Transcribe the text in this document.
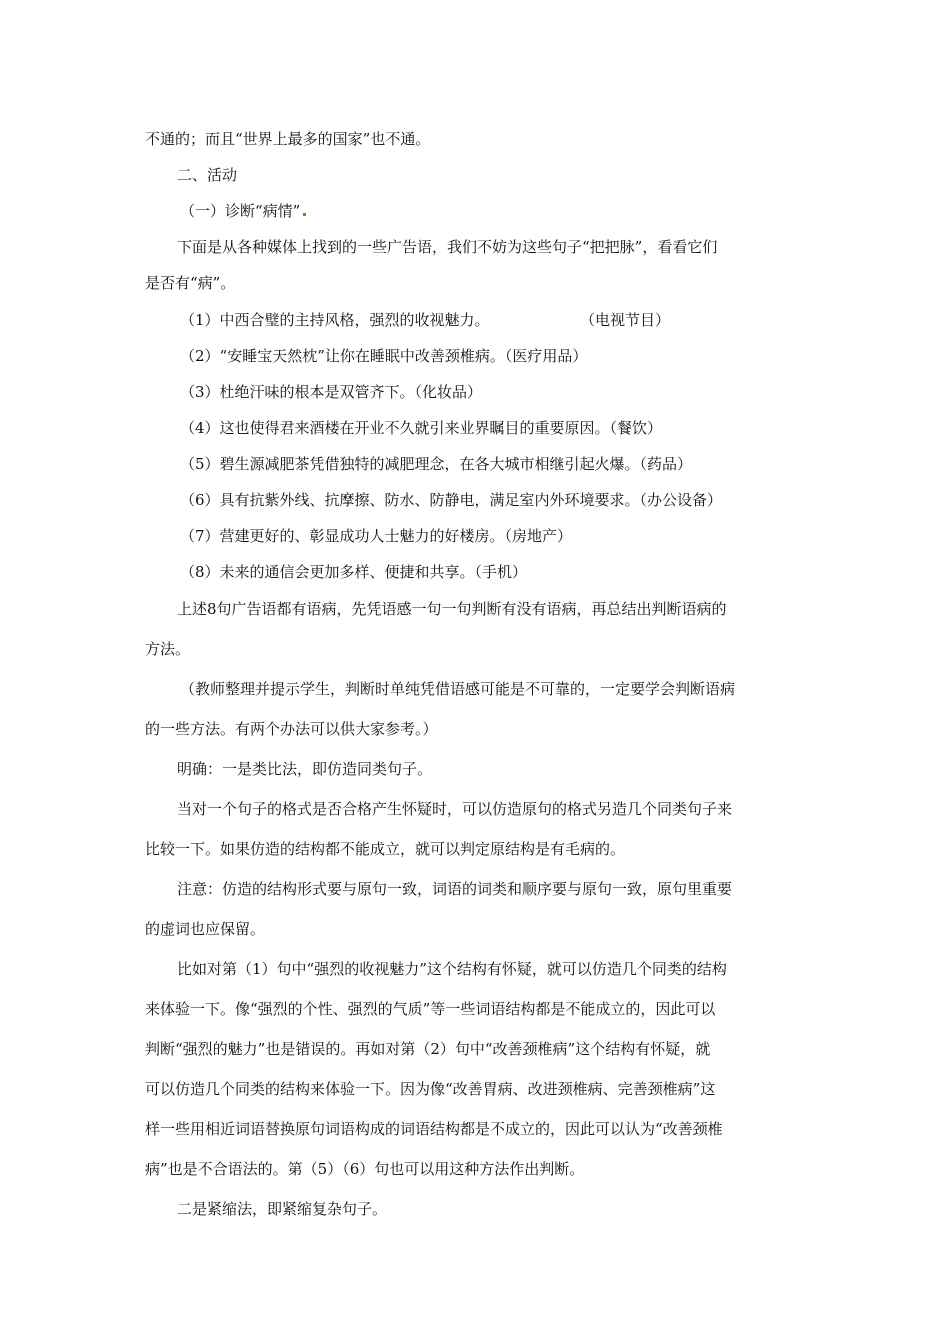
不通的；而且“世界上最多的国家”也不通。
二、活动
（一）诊断“病情”
下面是从各种媒体上找到的一些广告语，我们不妨为这些句子“把把脉”，看看它们
是否有“病”。
（1）中西合璧的主持风格，强烈的收视魅力。	（电视节目）
（2）“安睡宝天然枕”让你在睡眠中改善颈椎病。（医疗用品）
（3）杜绝汗味的根本是双管齐下。（化妆品）
（4）这也使得君来酒楼在开业不久就引来业界瞩目的重要原因。（餐饮）
（5）碧生源减肥茶凭借独特的减肥理念，在各大城市相继引起火爆。（药品）
（6）具有抗紫外线、抗摩擦、防水、防静电，满足室内外环境要求。（办公设备）
（7）营建更好的、彰显成功人士魅力的好楼房。（房地产）
（8）未来的通信会更加多样、便捷和共享。（手机）
上述8句广告语都有语病，先凭语感一句一句判断有没有语病，再总结出判断语病的
方法。
（教师整理并提示学生，判断时单纯凭借语感可能是不可靠的，一定要学会判断语病
的一些方法。有两个办法可以供大家参考。）
明确：一是类比法，即仿造同类句子。
当对一个句子的格式是否合格产生怀疑时，可以仿造原句的格式另造几个同类句子来
比较一下。如果仿造的结构都不能成立，就可以判定原结构是有毛病的。
注意：仿造的结构形式要与原句一致，词语的词类和顺序要与原句一致，原句里重要
的虚词也应保留。
比如对第（1）句中“强烈的收视魅力”这个结构有怀疑，就可以仿造几个同类的结构
来体验一下。像“强烈的个性、强烈的气质”等一些词语结构都是不能成立的，因此可以
判断“强烈的魅力”也是错误的。再如对第（2）句中“改善颈椎病”这个结构有怀疑，就
可以仿造几个同类的结构来体验一下。因为像“改善胃病、改进颈椎病、完善颈椎病”这
样一些用相近词语替换原句词语构成的词语结构都是不成立的，因此可以认为“改善颈椎
病”也是不合语法的。第（5）（6）句也可以用这种方法作出判断。
二是紧缩法，即紧缩复杂句子。
